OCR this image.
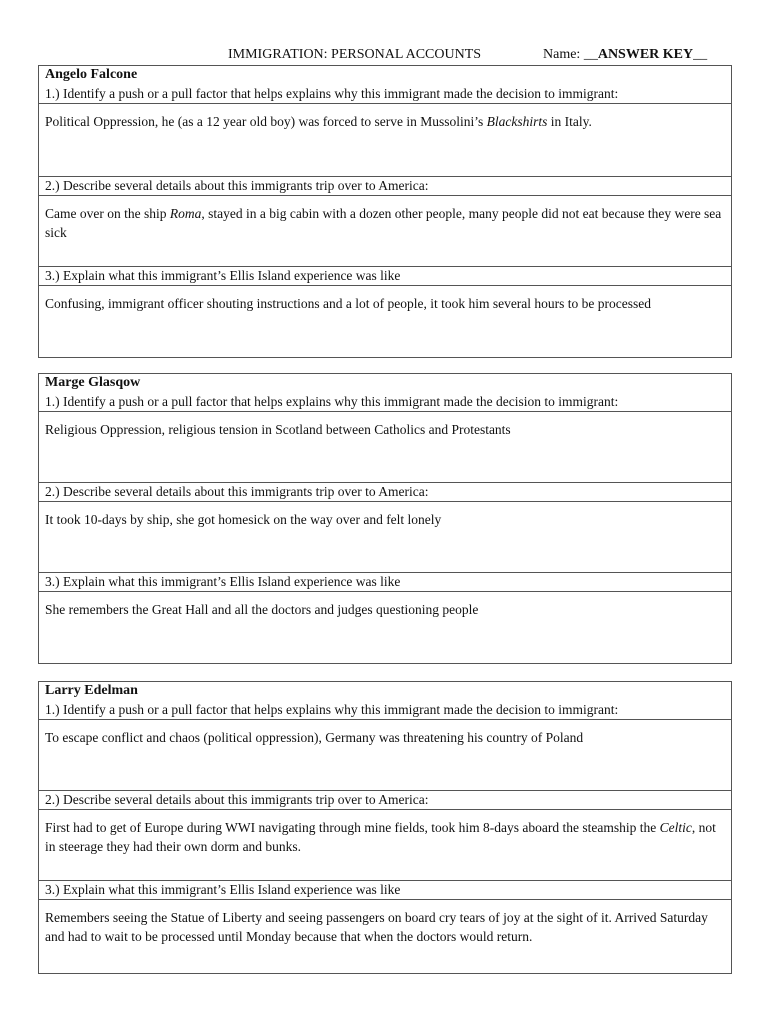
IMMIGRATION: PERSONAL ACCOUNTS	Name: __ANSWER KEY__
Angelo Falcone
1.) Identify a push or a pull factor that helps explains why this immigrant made the decision to immigrant:
Political Oppression, he (as a 12 year old boy) was forced to serve in Mussolini’s Blackshirts in Italy.
2.) Describe several details about this immigrants trip over to America:
Came over on the ship Roma, stayed in a big cabin with a dozen other people, many people did not eat because they were sea sick
3.) Explain what this immigrant’s Ellis Island experience was like
Confusing, immigrant officer shouting instructions and a lot of people, it took him several hours to be processed
Marge Glasqow
1.) Identify a push or a pull factor that helps explains why this immigrant made the decision to immigrant:
Religious Oppression, religious tension in Scotland between Catholics and Protestants
2.) Describe several details about this immigrants trip over to America:
It took 10-days by ship, she got homesick on the way over and felt lonely
3.) Explain what this immigrant’s Ellis Island experience was like
She remembers the Great Hall and all the doctors and judges questioning people
Larry Edelman
1.) Identify a push or a pull factor that helps explains why this immigrant made the decision to immigrant:
To escape conflict and chaos (political oppression), Germany was threatening his country of Poland
2.) Describe several details about this immigrants trip over to America:
First had to get of Europe during WWI navigating through mine fields, took him 8-days aboard the steamship the Celtic, not in steerage they had their own dorm and bunks.
3.) Explain what this immigrant’s Ellis Island experience was like
Remembers seeing the Statue of Liberty and seeing passengers on board cry tears of joy at the sight of it. Arrived Saturday and had to wait to be processed until Monday because that when the doctors would return.
